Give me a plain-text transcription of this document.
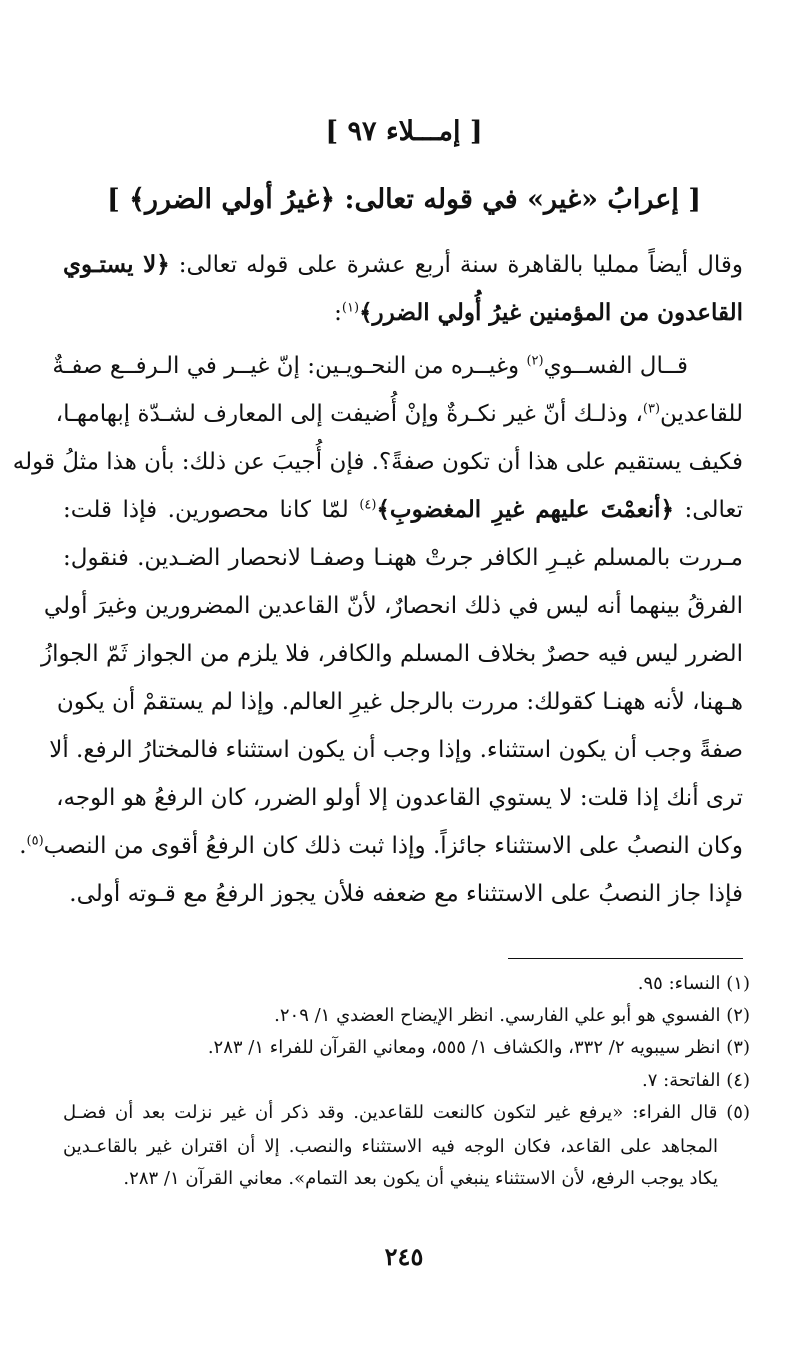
[ إمـــلاء ٩٧ ]
[ إعرابُ «غير» في قوله تعالى: ﴿غيرُ أولي الضرر﴾ ]
وقال أيضاً ممليا بالقاهرة سنة أربع عشرة على قوله تعالى: ﴿لا يستـوي
القاعدون من المؤمنين غيرُ أُولي الضرر﴾$^{(١)}$:
قــال الفســوي$^{(٢)}$ وغيــره من النحـويـين: إنّ غيــر في الـرفــع صفـةٌ
للقاعدين$^{(٣)}$، وذلـك أنّ غير نكـرةٌ وإنْ أُضيفت إلى المعارف لشـدّة إبهامهـا،
فكيف يستقيم على هذا أن تكون صفةً؟. فإن أُجيبَ عن ذلك: بأن هذا مثلُ قوله
تعالى: ﴿أنعمْتَ عليهم غيرِ المغضوبِ﴾$^{(٤)}$ لمّا كانا محصورين. فإذا قلت:
مـررت بالمسلم غيـرِ الكافر جرتْ ههنـا وصفـا لانحصار الضـدين. فنقول:
الفرقُ بينهما أنه ليس في ذلك انحصارٌ، لأنّ القاعدين المضرورين وغيرَ أولي
الضرر ليس فيه حصرٌ بخلاف المسلم والكافر، فلا يلزم من الجواز ثَمّ الجوازُ
هـهنا، لأنه ههنـا كقولك: مررت بالرجل غيرِ العالم. وإذا لم يستقمْ أن يكون
صفةً وجب أن يكون استثناء. وإذا وجب أن يكون استثناء فالمختارُ الرفع. ألا
ترى أنك إذا قلت: لا يستوي القاعدون إلا أولو الضرر، كان الرفعُ هو الوجه،
وكان النصبُ على الاستثناء جائزاً. وإذا ثبت ذلك كان الرفعُ أقوى من النصب$^{(٥)}$.
فإذا جاز النصبُ على الاستثناء مع ضعفه فلأن يجوز الرفعُ مع قـوته أولى.
(١) النساء: ٩٥.
(٢) الفسوي هو أبو علي الفارسي. انظر الإيضاح العضدي ١/ ٢٠٩.
(٣) انظر سيبويه ٢/ ٣٣٢، والكشاف ١/ ٥٥٥، ومعاني القرآن للفراء ١/ ٢٨٣.
(٤) الفاتحة: ٧.
(٥) قال الفراء: «يرفع غير لتكون كالنعت للقاعدين. وقد ذكر أن غير نزلت بعد أن فضـل
المجاهد على القاعد، فكان الوجه فيه الاستثناء والنصب. إلا أن اقتران غير بالقاعـدين
يكاد يوجب الرفع، لأن الاستثناء ينبغي أن يكون بعد التمام». معاني القرآن ١/ ٢٨٣.
٢٤٥
